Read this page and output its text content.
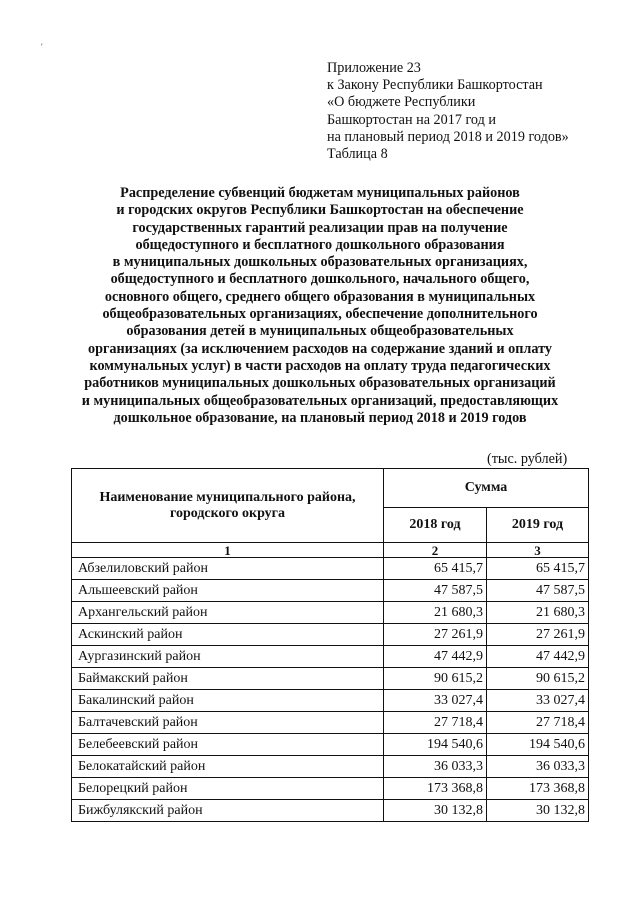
'
Приложение 23
к Закону Республики Башкортостан
«О бюджете Республики
Башкортостан на 2017 год и
на плановый период 2018 и 2019 годов»
Таблица 8
Распределение субвенций бюджетам муниципальных районов
и городских округов Республики Башкортостан на обеспечение
государственных гарантий реализации прав на получение
общедоступного и бесплатного дошкольного образования
в муниципальных дошкольных образовательных организациях,
общедоступного и бесплатного дошкольного, начального общего,
основного общего, среднего общего образования в муниципальных
общеобразовательных организациях, обеспечение дополнительного
образования детей в муниципальных общеобразовательных
организациях (за исключением расходов на содержание зданий и оплату
коммунальных услуг) в части расходов на оплату труда педагогических
работников муниципальных дошкольных образовательных организаций
и муниципальных общеобразовательных организаций, предоставляющих
дошкольное образование, на плановый период 2018 и 2019 годов
(тыс. рублей)
Наименование муниципального района, городского округа	Сумма	
	2018 год	2019 год
1	2	3
Абзелиловский район	65 415,7	65 415,7
Альшеевский район	47 587,5	47 587,5
Архангельский район	21 680,3	21 680,3
Аскинский район	27 261,9	27 261,9
Аургазинский район	47 442,9	47 442,9
Баймакский район	90 615,2	90 615,2
Бакалинский район	33 027,4	33 027,4
Балтачевский район	27 718,4	27 718,4
Белебеевский район	194 540,6	194 540,6
Белокатайский район	36 033,3	36 033,3
Белорецкий район	173 368,8	173 368,8
Бижбулякский район	30 132,8	30 132,8
